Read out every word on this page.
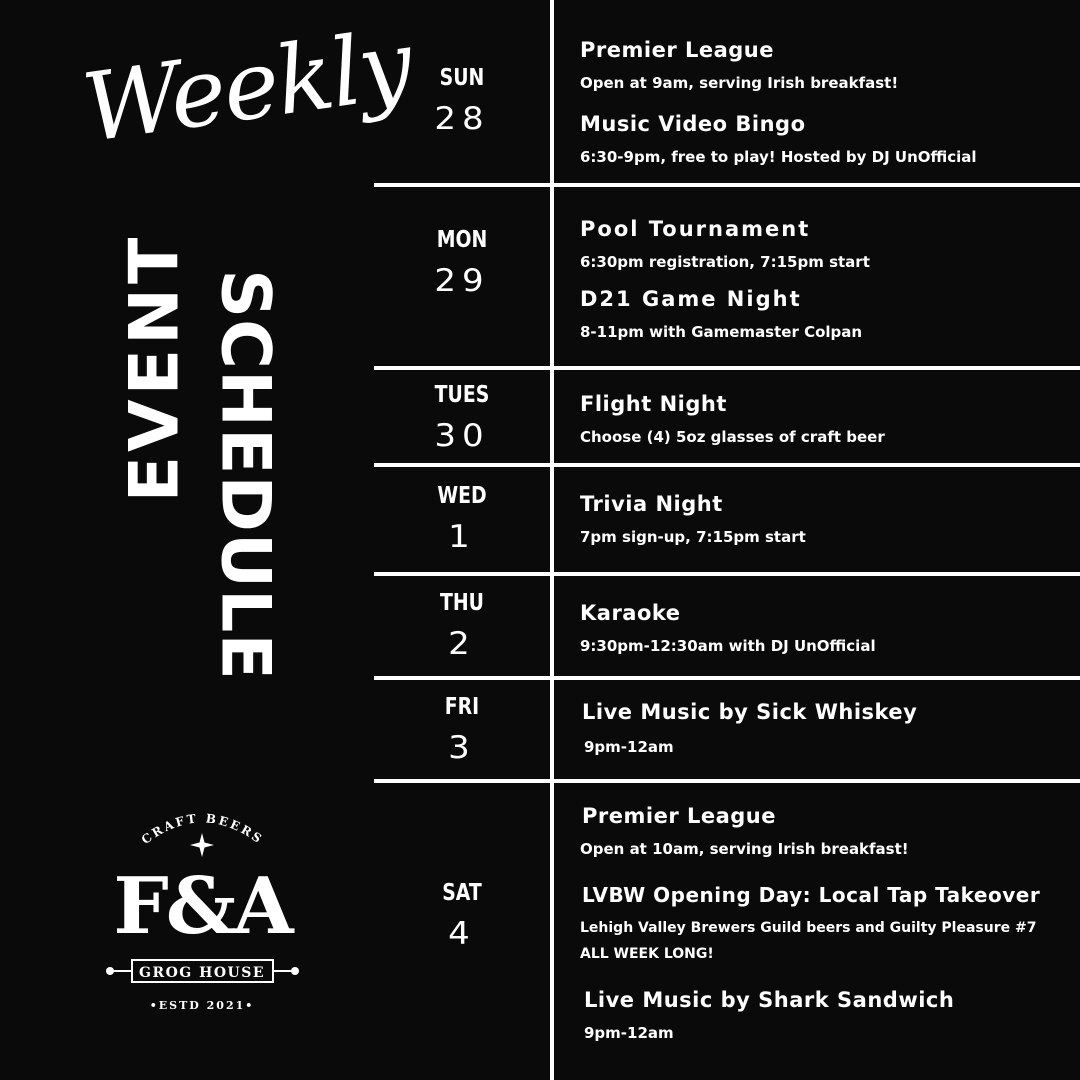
Weekly
EVENT SCHEDULE
CRAFT BEERS
F&A
GROG HOUSE
•ESTD 2021•
SUN
28
Premier League
Open at 9am, serving Irish breakfast!
Music Video Bingo
6:30-9pm, free to play! Hosted by DJ UnOfficial
MON
29
Pool Tournament
6:30pm registration, 7:15pm start
D21 Game Night
8-11pm with Gamemaster Colpan
TUES
30
Flight Night
Choose (4) 5oz glasses of craft beer
WED
1
Trivia Night
7pm sign-up, 7:15pm start
THU
2
Karaoke
9:30pm-12:30am with DJ UnOfficial
FRI
3
Live Music by Sick Whiskey
9pm-12am
SAT
4
Premier League
Open at 10am, serving Irish breakfast!
LVBW Opening Day: Local Tap Takeover
Lehigh Valley Brewers Guild beers and Guilty Pleasure #7 ALL WEEK LONG!
Live Music by Shark Sandwich
9pm-12am
